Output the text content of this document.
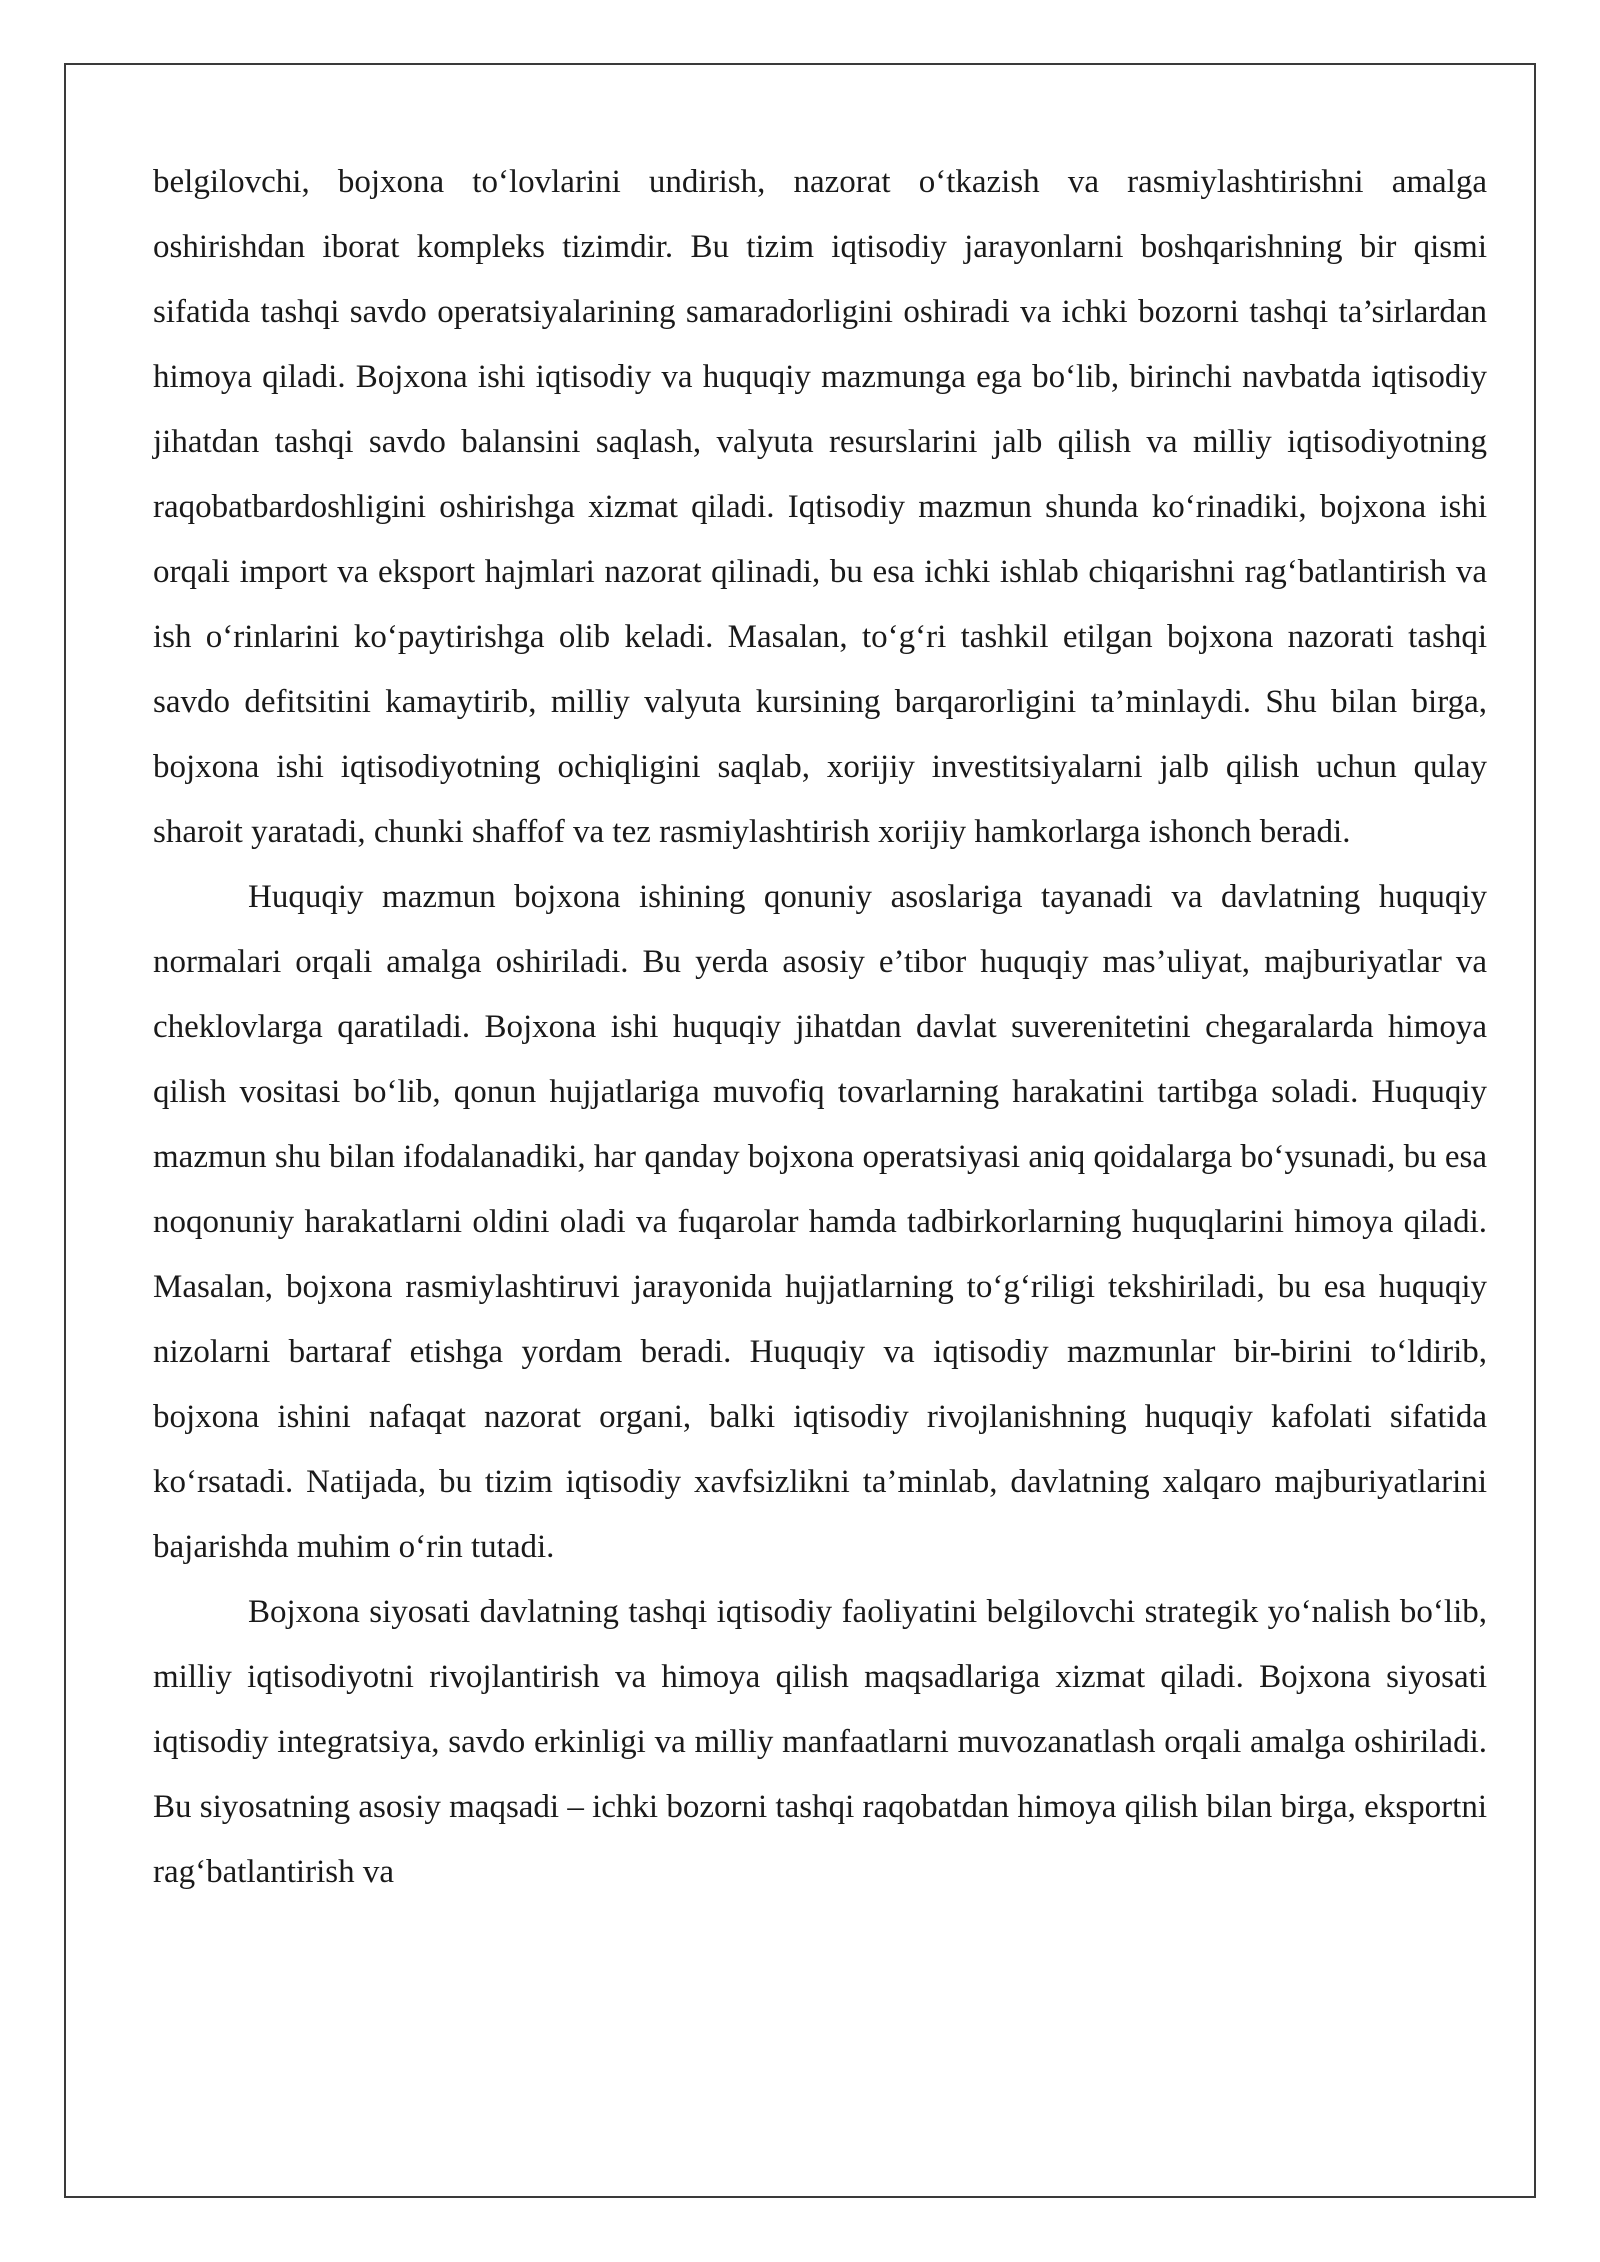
belgilovchi, bojxona to‘lovlarini undirish, nazorat o‘tkazish va rasmiylashtirishni amalga oshirishdan iborat kompleks tizimdir. Bu tizim iqtisodiy jarayonlarni boshqarishning bir qismi sifatida tashqi savdo operatsiyalarining samaradorligini oshiradi va ichki bozorni tashqi ta’sirlardan himoya qiladi. Bojxona ishi iqtisodiy va huquqiy mazmunga ega bo‘lib, birinchi navbatda iqtisodiy jihatdan tashqi savdo balansini saqlash, valyuta resurslarini jalb qilish va milliy iqtisodiyotning raqobatbardoshligini oshirishga xizmat qiladi. Iqtisodiy mazmun shunda ko‘rinadiki, bojxona ishi orqali import va eksport hajmlari nazorat qilinadi, bu esa ichki ishlab chiqarishni rag‘batlantirish va ish o‘rinlarini ko‘paytirishga olib keladi. Masalan, to‘g‘ri tashkil etilgan bojxona nazorati tashqi savdo defitsitini kamaytirib, milliy valyuta kursining barqarorligini ta’minlaydi. Shu bilan birga, bojxona ishi iqtisodiyotning ochiqligini saqlab, xorijiy investitsiyalarni jalb qilish uchun qulay sharoit yaratadi, chunki shaffof va tez rasmiylashtirish xorijiy hamkorlarga ishonch beradi.

Huquqiy mazmun bojxona ishining qonuniy asoslariga tayanadi va davlatning huquqiy normalari orqali amalga oshiriladi. Bu yerda asosiy e’tibor huquqiy mas’uliyat, majburiyatlar va cheklovlarga qaratiladi. Bojxona ishi huquqiy jihatdan davlat suverenitetini chegaralarda himoya qilish vositasi bo‘lib, qonun hujjatlariga muvofiq tovarlarning harakatini tartibga soladi. Huquqiy mazmun shu bilan ifodalanadiki, har qanday bojxona operatsiyasi aniq qoidalarga bo‘ysunadi, bu esa noqonuniy harakatlarni oldini oladi va fuqarolar hamda tadbirkorlarning huquqlarini himoya qiladi. Masalan, bojxona rasmiylashtiruvi jarayonida hujjatlarning to‘g‘riligi tekshiriladi, bu esa huquqiy nizolarni bartaraf etishga yordam beradi. Huquqiy va iqtisodiy mazmunlar bir-birini to‘ldirib, bojxona ishini nafaqat nazorat organi, balki iqtisodiy rivojlanishning huquqiy kafolati sifatida ko‘rsatadi. Natijada, bu tizim iqtisodiy xavfsizlikni ta’minlab, davlatning xalqaro majburiyatlarini bajarishda muhim o‘rin tutadi.

Bojxona siyosati davlatning tashqi iqtisodiy faoliyatini belgilovchi strategik yo‘nalish bo‘lib, milliy iqtisodiyotni rivojlantirish va himoya qilish maqsadlariga xizmat qiladi. Bojxona siyosati iqtisodiy integratsiya, savdo erkinligi va milliy manfaatlarni muvozanatlash orqali amalga oshiriladi. Bu siyosatning asosiy maqsadi – ichki bozorni tashqi raqobatdan himoya qilish bilan birga, eksportni rag‘batlantirish va
